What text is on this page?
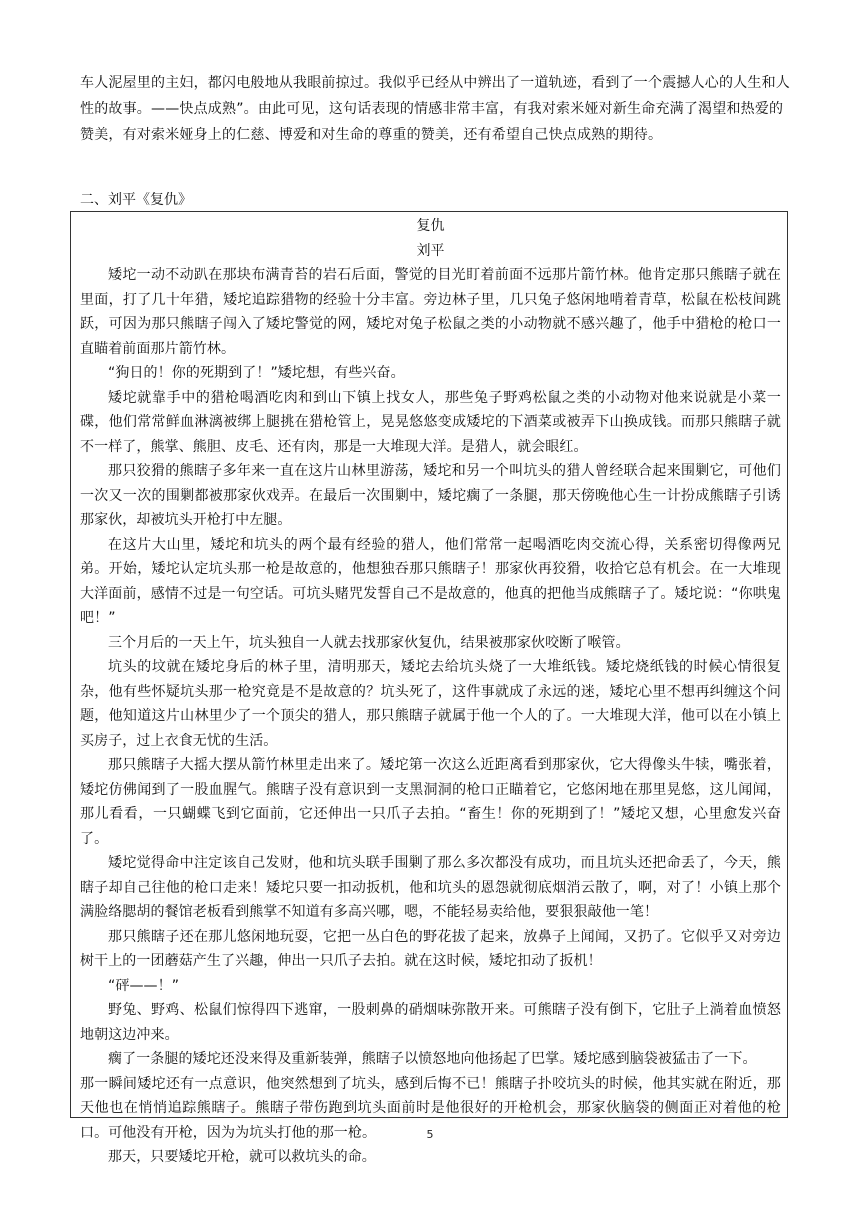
车人泥屋里的主妇，都闪电般地从我眼前掠过。我似乎已经从中辨出了一道轨迹，看到了一个震撼人心的人生和人性的故事。——快点成熟”。由此可见，这句话表现的情感非常丰富，有我对索米娅对新生命充满了渴望和热爱的赞美，有对索米娅身上的仁慈、博爱和对生命的尊重的赞美，还有希望自己快点成熟的期待。

二、刘平《复仇》

复仇

刘平

矮坨一动不动趴在那块布满青苔的岩石后面，警觉的目光盯着前面不远那片箭竹林。他肯定那只熊瞎子就在里面，打了几十年猎，矮坨追踪猎物的经验十分丰富。旁边林子里，几只兔子悠闲地啃着青草，松鼠在松枝间跳跃，可因为那只熊瞎子闯入了矮坨警觉的网，矮坨对兔子松鼠之类的小动物就不感兴趣了，他手中猎枪的枪口一直瞄着前面那片箭竹林。

“狗日的！你的死期到了！”矮坨想，有些兴奋。

矮坨就靠手中的猎枪喝酒吃肉和到山下镇上找女人，那些兔子野鸡松鼠之类的小动物对他来说就是小菜一碟，他们常常鲜血淋漓被绑上腿挑在猎枪管上，晃晃悠悠变成矮坨的下酒菜或被弄下山换成钱。而那只熊瞎子就不一样了，熊掌、熊胆、皮毛、还有肉，那是一大堆现大洋。是猎人，就会眼红。

那只狡猾的熊瞎子多年来一直在这片山林里游荡，矮坨和另一个叫坑头的猎人曾经联合起来围剿它，可他们一次又一次的围剿都被那家伙戏弄。在最后一次围剿中，矮坨瘸了一条腿，那天傍晚他心生一计扮成熊瞎子引诱那家伙，却被坑头开枪打中左腿。

在这片大山里，矮坨和坑头的两个最有经验的猎人，他们常常一起喝酒吃肉交流心得，关系密切得像两兄弟。开始，矮坨认定坑头那一枪是故意的，他想独吞那只熊瞎子！那家伙再狡猾，收拾它总有机会。在一大堆现大洋面前，感情不过是一句空话。可坑头赌咒发誓自己不是故意的，他真的把他当成熊瞎子了。矮坨说：“你哄鬼吧！”

三个月后的一天上午，坑头独自一人就去找那家伙复仇，结果被那家伙咬断了喉管。

坑头的坟就在矮坨身后的林子里，清明那天，矮坨去给坑头烧了一大堆纸钱。矮坨烧纸钱的时候心情很复杂，他有些怀疑坑头那一枪究竟是不是故意的？坑头死了，这件事就成了永远的迷，矮坨心里不想再纠缠这个问题，他知道这片山林里少了一个顶尖的猎人，那只熊瞎子就属于他一个人的了。一大堆现大洋，他可以在小镇上买房子，过上衣食无忧的生活。

那只熊瞎子大摇大摆从箭竹林里走出来了。矮坨第一次这么近距离看到那家伙，它大得像头牛犊，嘴张着，矮坨仿佛闻到了一股血腥气。熊瞎子没有意识到一支黑洞洞的枪口正瞄着它，它悠闲地在那里晃悠，这儿闻闻，那儿看看，一只蝴蝶飞到它面前，它还伸出一只爪子去拍。“畜生！你的死期到了！”矮坨又想，心里愈发兴奋了。

矮坨觉得命中注定该自己发财，他和坑头联手围剿了那么多次都没有成功，而且坑头还把命丢了，今天，熊瞎子却自己往他的枪口走来！矮坨只要一扣动扳机，他和坑头的恩怨就彻底烟消云散了，啊，对了！小镇上那个满脸络腮胡的餐馆老板看到熊掌不知道有多高兴哪，嗯，不能轻易卖给他，要狠狠敲他一笔！

那只熊瞎子还在那儿悠闲地玩耍，它把一丛白色的野花拔了起来，放鼻子上闻闻，又扔了。它似乎又对旁边树干上的一团蘑菇产生了兴趣，伸出一只爪子去拍。就在这时候，矮坨扣动了扳机！

“砰——！”

野兔、野鸡、松鼠们惊得四下逃窜，一股刺鼻的硝烟味弥散开来。可熊瞎子没有倒下，它肚子上淌着血愤怒地朝这边冲来。

瘸了一条腿的矮坨还没来得及重新装弹，熊瞎子以愤怒地向他扬起了巴掌。矮坨感到脑袋被猛击了一下。

那一瞬间矮坨还有一点意识，他突然想到了坑头，感到后悔不已！熊瞎子扑咬坑头的时候，他其实就在附近，那天他也在悄悄追踪熊瞎子。熊瞎子带伤跑到坑头面前时是他很好的开枪机会，那家伙脑袋的侧面正对着他的枪口。可他没有开枪，因为为坑头打他的那一枪。

那天，只要矮坨开枪，就可以救坑头的命。

5
